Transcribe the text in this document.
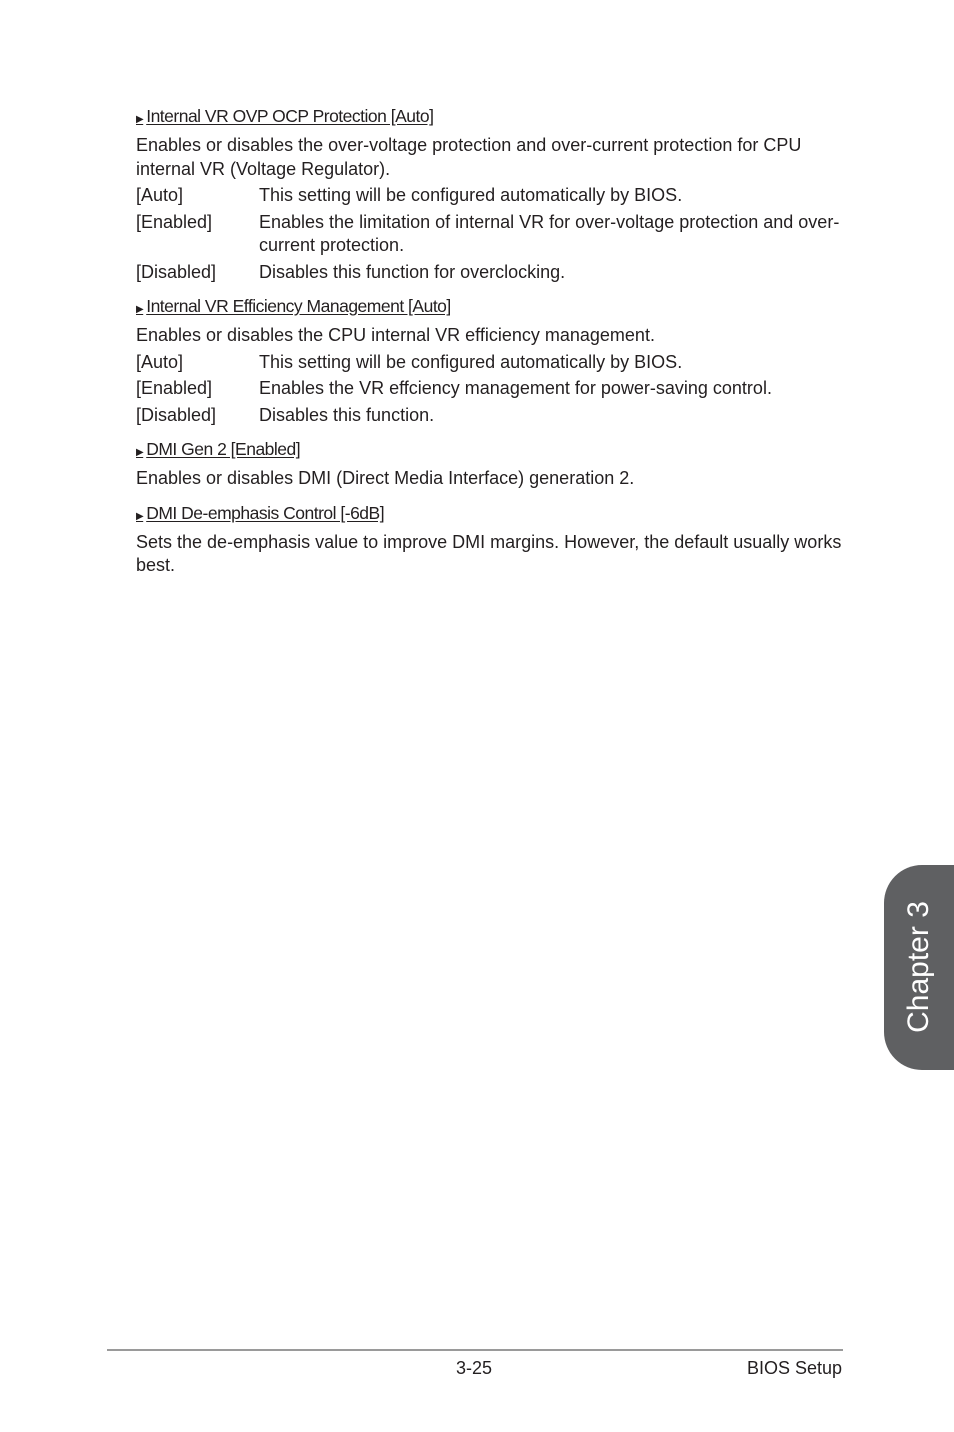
▶ Internal VR OVP OCP Protection [Auto]
Enables or disables the over-voltage protection and over-current protection for CPU internal VR (Voltage Regulator).
[Auto]	This setting will be configured automatically by BIOS.
[Enabled]	Enables the limitation of internal VR for over-voltage protection and over-current protection.
[Disabled]	Disables this function for overclocking.
▶ Internal VR Efficiency Management [Auto]
Enables or disables the CPU internal VR efficiency management.
[Auto]	This setting will be configured automatically by BIOS.
[Enabled]	Enables the VR effciency management for power-saving control.
[Disabled]	Disables this function.
▶ DMI Gen 2 [Enabled]
Enables or disables DMI (Direct Media Interface) generation 2.
▶ DMI De-emphasis Control [-6dB]
Sets the de-emphasis value to improve DMI margins. However, the default usually works best.
Chapter 3
3-25	BIOS Setup
